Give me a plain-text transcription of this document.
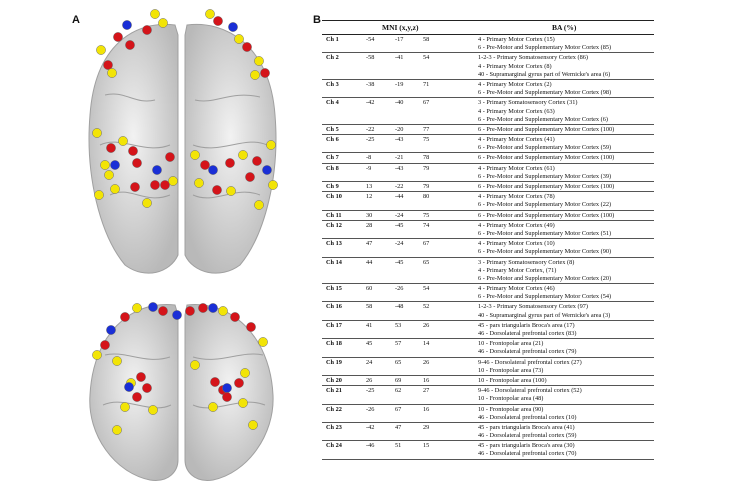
A	B
MNI (x,y,z)	BA (%)
Ch 1	-54	-17	58	4 - Primary Motor Cortex (15)
6 - Pre-Motor and Supplementary Motor Cortex (85)
Ch 2	-58	-41	54	1-2-3 - Primary Somatosensory Cortex (86)
4 - Primary Motor Cortex (8)
40 - Supramarginal gyrus part of Wernicke's area (6)
Ch 3	-38	-19	71	4 - Primary Motor Cortex (2)
6 - Pre-Motor and Supplementary Motor Cortex (98)
Ch 4	-42	-40	67	3 - Primary Somatosensory Cortex (31)
4 - Primary Motor Cortex (63)
6 - Pre-Motor and Supplementary Motor Cortex (6)
Ch 5	-22	-20	77	6 - Pre-Motor and Supplementary Motor Cortex (100)
Ch 6	-25	-43	75	4 - Primary Motor Cortex (41)
6 - Pre-Motor and Supplementary Motor Cortex (59)
Ch 7	-8	-21	78	6 - Pre-Motor and Supplementary Motor Cortex (100)
Ch 8	-9	-43	79	4 - Primary Motor Cortex (61)
6 - Pre-Motor and Supplementary Motor Cortex (39)
Ch 9	13	-22	79	6 - Pre-Motor and Supplementary Motor Cortex (100)
Ch 10	12	-44	80	4 - Primary Motor Cortex (78)
6 - Pre-Motor and Supplementary Motor Cortex (22)
Ch 11	30	-24	75	6 - Pre-Motor and Supplementary Motor Cortex (100)
Ch 12	28	-45	74	4 - Primary Motor Cortex (49)
6 - Pre-Motor and Supplementary Motor Cortex (51)
Ch 13	47	-24	67	4 - Primary Motor Cortex (10)
6 - Pre-Motor and Supplementary Motor Cortex (90)
Ch 14	44	-45	65	3 - Primary Somatosensory Cortex (8)
4 - Primary Motor Cortex, (71)
6 - Pre-Motor and Supplementary Motor Cortex (20)
Ch 15	60	-26	54	4 - Primary Motor Cortex (46)
6 - Pre-Motor and Supplementary Motor Cortex (54)
Ch 16	58	-48	52	1-2-3 - Primary Somatosensory Cortex (97)
40 - Supramarginal gyrus part of Wernicke's area (3)
Ch 17	41	53	26	45 - pars triangularis Broca's area (17)
46 - Dorsolateral prefrontal cortex (83)
Ch 18	45	57	14	10 - Frontopolar area (21)
46 - Dorsolateral prefrontal cortex (79)
Ch 19	24	65	26	9-46 - Dorsolateral prefrontal cortex (27)
10 - Frontopolar area (73)
Ch 20	26	69	16	10 - Frontopolar area (100)
Ch 21	-25	62	27	9-46 - Dorsolateral prefrontal cortex (52)
10 - Frontopolar area (48)
Ch 22	-26	67	16	10 - Frontopolar area (90)
46 - Dorsolateral prefrontal cortex (10)
Ch 23	-42	47	29	45 - pars triangularis Broca's area (41)
46 - Dorsolateral prefrontal cortex (59)
Ch 24	-46	51	15	45 - pars triangularis Broca's area (30)
46 - Dorsolateral prefrontal cortex (70)
